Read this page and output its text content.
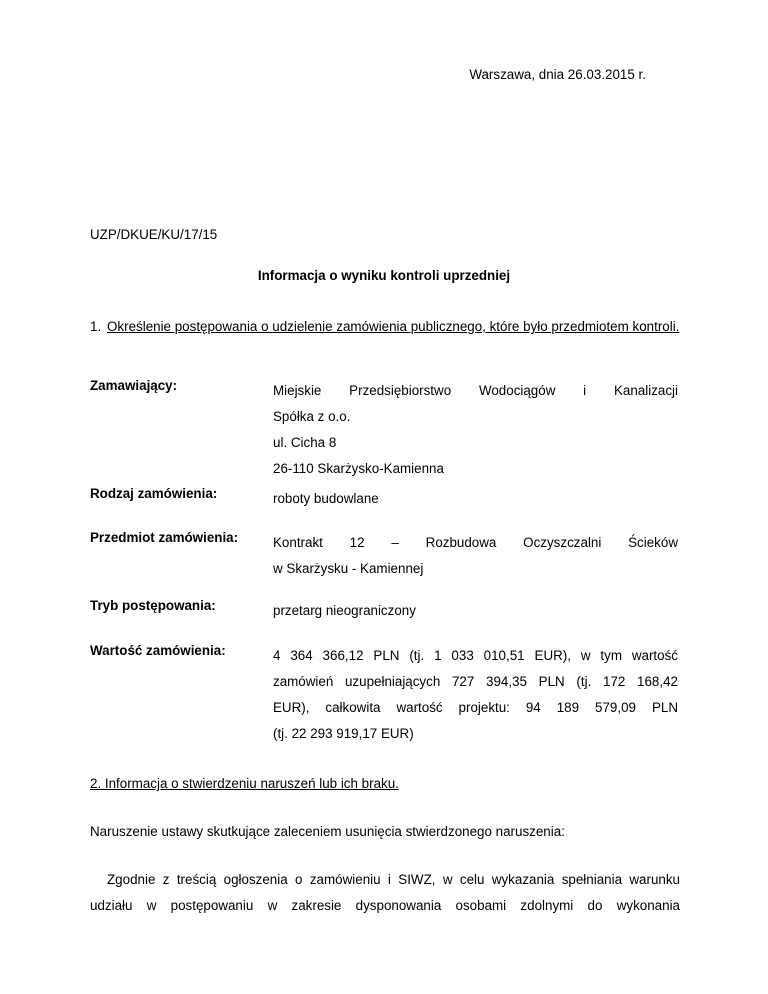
Warszawa, dnia 26.03.2015 r.
UZP/DKUE/KU/17/15
Informacja o wyniku kontroli uprzedniej
1. Określenie postępowania o udzielenie zamówienia publicznego, które było przedmiotem kontroli.
Zamawiający:	Miejskie Przedsiębiorstwo Wodociągów i Kanalizacji
Spółka z o.o.
ul. Cicha 8
26-110 Skarżysko-Kamienna
Rodzaj zamówienia:	roboty budowlane
Przedmiot zamówienia:	Kontrakt 12 – Rozbudowa Oczyszczalni Ścieków
w Skarżysku - Kamiennej
Tryb postępowania:	przetarg nieograniczony
Wartość zamówienia:	4 364 366,12 PLN (tj. 1 033 010,51 EUR), w tym wartość
zamówień uzupełniających 727 394,35 PLN (tj. 172 168,42
EUR), całkowita wartość projektu: 94 189 579,09 PLN
(tj. 22 293 919,17 EUR)
2. Informacja o stwierdzeniu naruszeń lub ich braku.
Naruszenie ustawy skutkujące zaleceniem usunięcia stwierdzonego naruszenia:
Zgodnie z treścią ogłoszenia o zamówieniu i SIWZ, w celu wykazania spełniania warunku
udziału w postępowaniu w zakresie dysponowania osobami zdolnymi do wykonania
